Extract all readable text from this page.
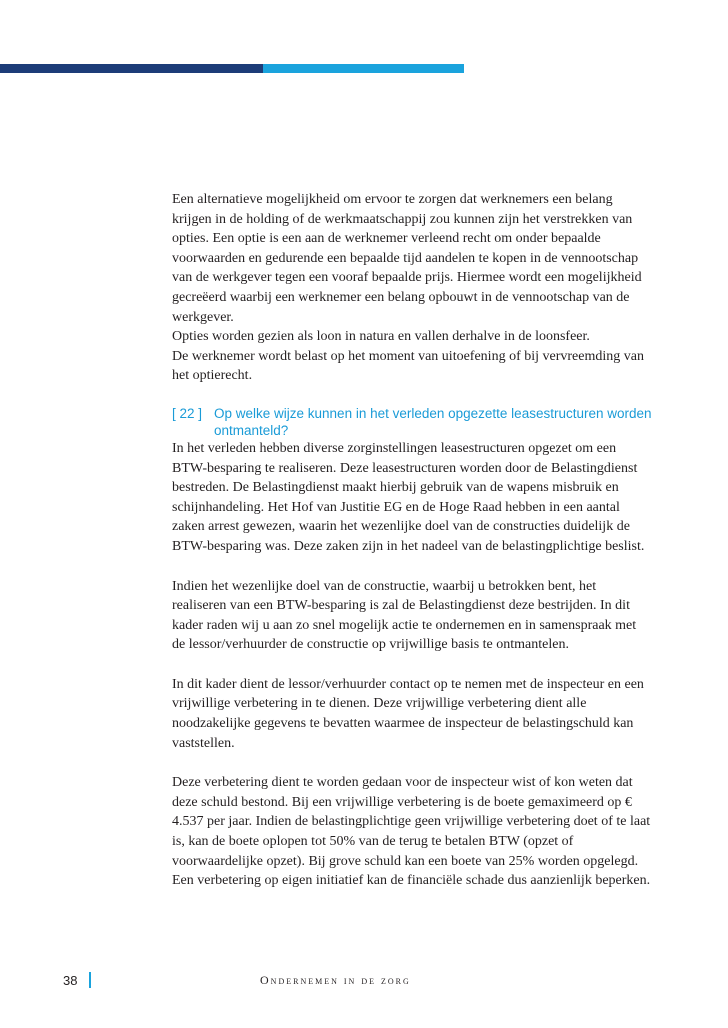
Een alternatieve mogelijkheid om ervoor te zorgen dat werknemers een belang krijgen in de holding of de werkmaatschappij zou kunnen zijn het verstrekken van opties. Een optie is een aan de werknemer verleend recht om onder bepaalde voorwaarden en gedurende een bepaalde tijd aandelen te kopen in de vennootschap van de werkgever tegen een vooraf bepaalde prijs. Hiermee wordt een mogelijkheid gecreëerd waarbij een werknemer een belang opbouwt in de vennootschap van de werkgever.

Opties worden gezien als loon in natura en vallen derhalve in de loonsfeer.

De werknemer wordt belast op het moment van uitoefening of bij vervreemding van het optierecht.

[ 22 ] Op welke wijze kunnen in het verleden opgezette leasestructuren worden ontmanteld?

In het verleden hebben diverse zorginstellingen leasestructuren opgezet om een BTW-besparing te realiseren. Deze leasestructuren worden door de Belastingdienst bestreden. De Belastingdienst maakt hierbij gebruik van de wapens misbruik en schijnhandeling. Het Hof van Justitie EG en de Hoge Raad hebben in een aantal zaken arrest gewezen, waarin het wezenlijke doel van de constructies duidelijk de BTW-besparing was. Deze zaken zijn in het nadeel van de belastingplichtige beslist.

Indien het wezenlijke doel van de constructie, waarbij u betrokken bent, het realiseren van een BTW-besparing is zal de Belastingdienst deze bestrijden. In dit kader raden wij u aan zo snel mogelijk actie te ondernemen en in samenspraak met de lessor/verhuurder de constructie op vrijwillige basis te ontmantelen.

In dit kader dient de lessor/verhuurder contact op te nemen met de inspecteur en een vrijwillige verbetering in te dienen. Deze vrijwillige verbetering dient alle noodzakelijke gegevens te bevatten waarmee de inspecteur de belastingschuld kan vaststellen.

Deze verbetering dient te worden gedaan voor de inspecteur wist of kon weten dat deze schuld bestond. Bij een vrijwillige verbetering is de boete gemaximeerd op € 4.537 per jaar. Indien de belastingplichtige geen vrijwillige verbetering doet of te laat is, kan de boete oplopen tot 50% van de terug te betalen BTW (opzet of voorwaardelijke opzet). Bij grove schuld kan een boete van 25% worden opgelegd. Een verbetering op eigen initiatief kan de financiële schade dus aanzienlijk beperken.

38	Ondernemen in de zorg
